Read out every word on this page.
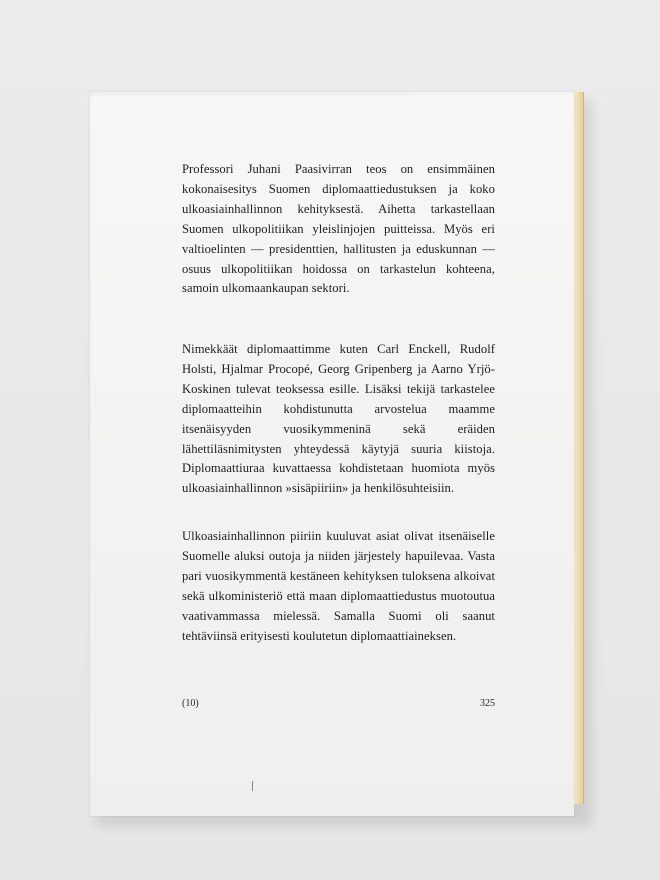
Professori Juhani Paasivirran teos on ensimmäinen kokonaisesitys Suomen diplomaattiedustuksen ja koko ulkoasiainhallinnon kehityksestä. Aihetta tarkastellaan Suomen ulkopolitiikan yleislinjojen puitteissa. Myös eri valtioelinten — presidenttien, hallitusten ja eduskunnan — osuus ulkopolitiikan hoidossa on tarkastelun kohteena, samoin ulkomaankaupan sektori.

Nimekkäät diplomaattimme kuten Carl Enckell, Rudolf Holsti, Hjalmar Procopé, Georg Gripenberg ja Aarno Yrjö-Koskinen tulevat teoksessa esille. Lisäksi tekijä tarkastelee diplomaatteihin kohdistunutta arvostelua maamme itsenäisyyden vuosikymmeninä sekä eräiden lähettiläsnimitysten yhteydessä käytyjä suuria kiistoja. Diplomaattiuraa kuvattaessa kohdistetaan huomiota myös ulkoasiainhallinnon »sisäpiiriin» ja henkilösuhteisiin.

Ulkoasiainhallinnon piiriin kuuluvat asiat olivat itsenäiselle Suomelle aluksi outoja ja niiden järjestely hapuilevaa. Vasta pari vuosikymmentä kestäneen kehityksen tuloksena alkoivat sekä ulkoministeriö että maan diplomaattiedustus muotoutua vaativammassa mielessä. Samalla Suomi oli saanut tehtäviinsä erityisesti koulutetun diplomaattiaineksen.

(10)	325
